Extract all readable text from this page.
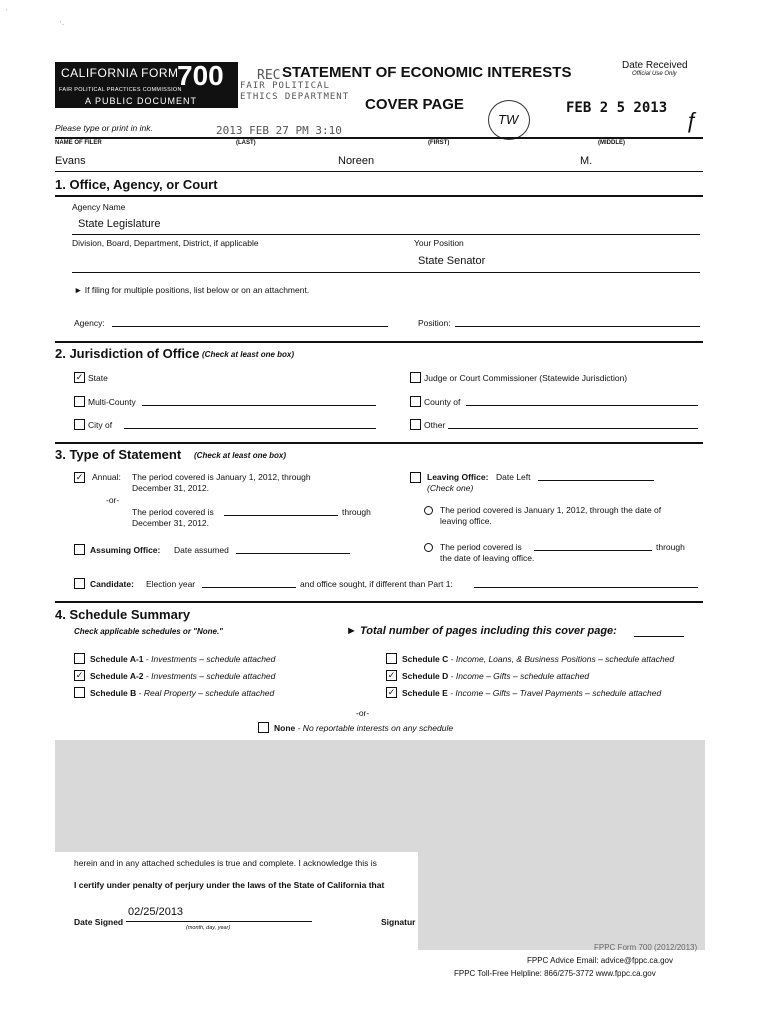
˙
˙·
CALIFORNIA FORM
700
FAIR POLITICAL PRACTICES COMMISSION
A PUBLIC DOCUMENT
REC
FAIR POLITICAL
ETHICS DEPARTMENT
2013 FEB 27 PM 3:10
STATEMENT OF ECONOMIC INTERESTS
COVER PAGE
Date Received
Official Use Only
TW
FEB 2 5 2013 ƒ
Please type or print in ink.
NAME OF FILER	(LAST)	(FIRST)	(MIDDLE)
Evans	Noreen	M.
1. Office, Agency, or Court
Agency Name
State Legislature
Division, Board, Department, District, if applicable	Your Position
State Senator
► If filing for multiple positions, list below or on an attachment.
Agency:	Position:
2. Jurisdiction of Office (Check at least one box)
✓ State	Judge or Court Commissioner (Statewide Jurisdiction)
Multi-County	County of
City of	Other
3. Type of Statement (Check at least one box)
✓ Annual: The period covered is January 1, 2012, through
December 31, 2012.
-or-
The period covered is	through
December 31, 2012.
Leaving Office: Date Left
(Check one)
The period covered is January 1, 2012, through the date of
leaving office.
The period covered is	through
the date of leaving office.
Assuming Office: Date assumed
Candidate: Election year	and office sought, if different than Part 1:
4. Schedule Summary
Check applicable schedules or "None."	► Total number of pages including this cover page:
Schedule A-1 - Investments – schedule attached
✓ Schedule A-2 - Investments – schedule attached
Schedule B - Real Property – schedule attached
Schedule C - Income, Loans, & Business Positions – schedule attached
✓ Schedule D - Income – Gifts – schedule attached
✓ Schedule E - Income – Gifts – Travel Payments – schedule attached
-or-
None - No reportable interests on any schedule
herein and in any attached schedules is true and complete. I acknowledge this is
I certify under penalty of perjury under the laws of the State of California that
Date Signed
02/25/2013
(month, day, year)
Signatur
FPPC Form 700 (2012/2013)
FPPC Advice Email: advice@fppc.ca.gov
FPPC Toll-Free Helpline: 866/275-3772 www.fppc.ca.gov
